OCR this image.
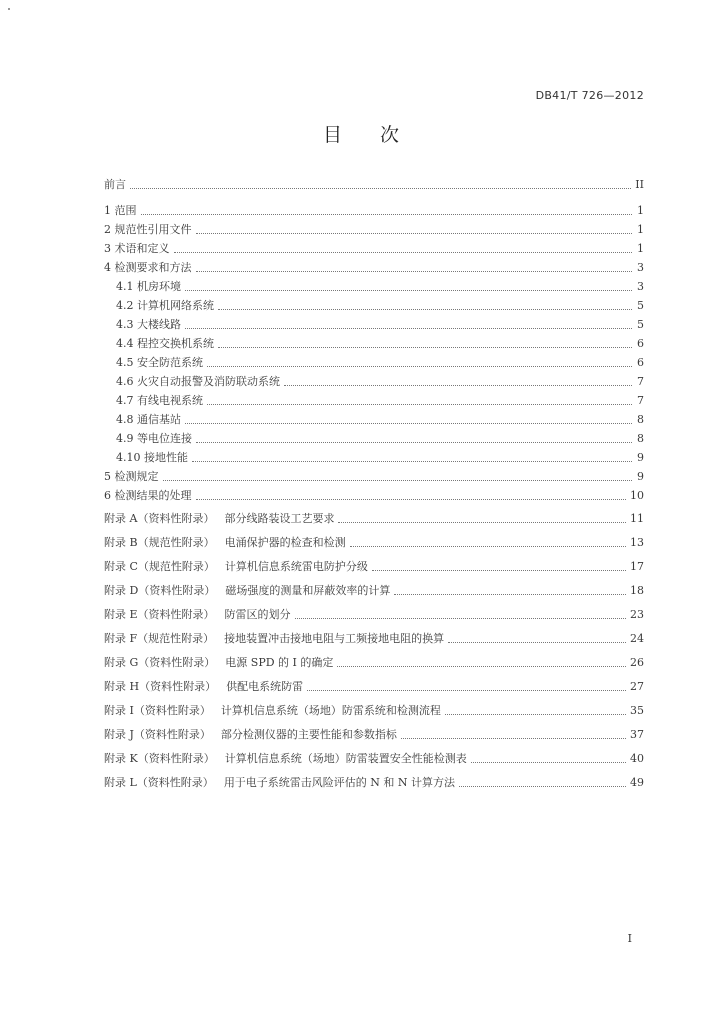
DB41/T 726—2012
目 次
前言	II
1 范围	1
2 规范性引用文件	1
3 术语和定义	1
4 检测要求和方法	3
4.1 机房环境	3
4.2 计算机网络系统	5
4.3 大楼线路	5
4.4 程控交换机系统	6
4.5 安全防范系统	6
4.6 火灾自动报警及消防联动系统	7
4.7 有线电视系统	7
4.8 通信基站	8
4.9 等电位连接	8
4.10 接地性能	9
5 检测规定	9
6 检测结果的处理	10
附录 A（资料性附录） 部分线路装设工艺要求	11
附录 B（规范性附录） 电涌保护器的检查和检测	13
附录 C（规范性附录） 计算机信息系统雷电防护分级	17
附录 D（资料性附录） 磁场强度的测量和屏蔽效率的计算	18
附录 E（资料性附录） 防雷区的划分	23
附录 F（规范性附录） 接地装置冲击接地电阻与工频接地电阻的换算	24
附录 G（资料性附录） 电源 SPD 的 I 的确定	26
附录 H（资料性附录） 供配电系统防雷	27
附录 I（资料性附录） 计算机信息系统（场地）防雷系统和检测流程	35
附录 J（资料性附录） 部分检测仪器的主要性能和参数指标	37
附录 K（资料性附录） 计算机信息系统（场地）防雷装置安全性能检测表	40
附录 L（资料性附录） 用于电子系统雷击风险评估的 N 和 N 计算方法	49
I
